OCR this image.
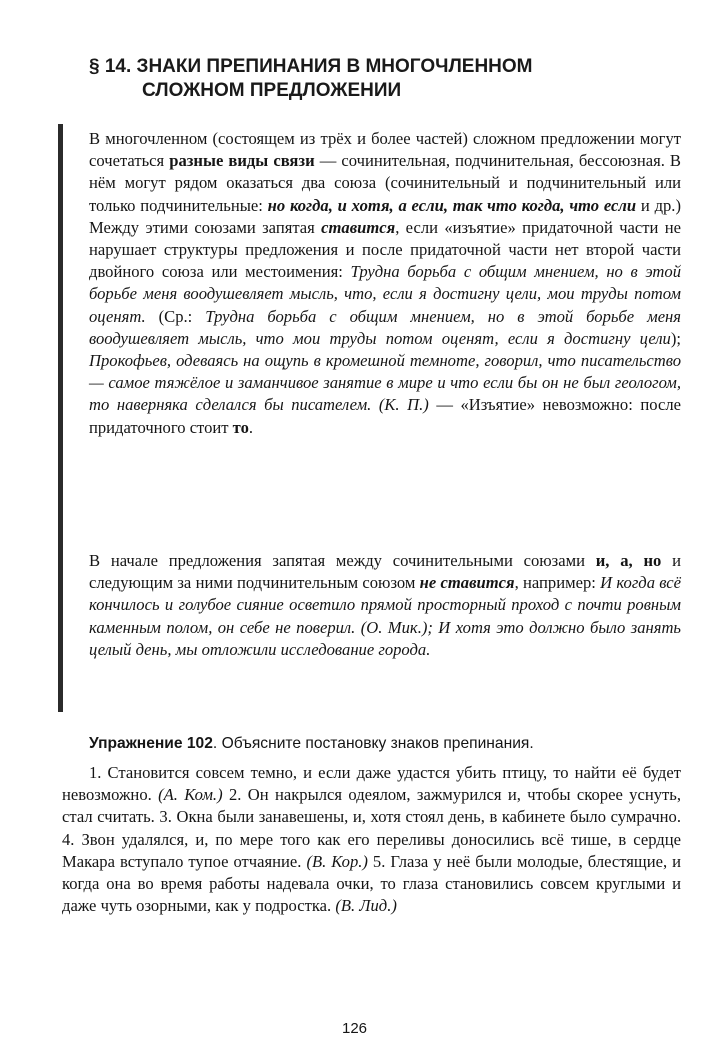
§ 14. ЗНАКИ ПРЕПИНАНИЯ В МНОГОЧЛЕННОМ
СЛОЖНОМ ПРЕДЛОЖЕНИИ

В многочленном (состоящем из трёх и более частей) сложном предложении могут сочетаться разные виды связи — сочинительная, подчинительная, бессоюзная. В нём могут рядом оказаться два союза (сочинительный и подчинительный или только подчинительные: но когда, и хотя, а если, так что когда, что если и др.) Между этими союзами запятая ставится, если «изъятие» придаточной части не нарушает структуры предложения и после придаточной части нет второй части двойного союза или местоимения: Трудна борьба с общим мнением, но в этой борьбе меня воодушевляет мысль, что, если я достигну цели, мои труды потом оценят. (Ср.: Трудна борьба с общим мнением, но в этой борьбе меня воодушевляет мысль, что мои труды потом оценят, если я достигну цели); Прокофьев, одеваясь на ощупь в кромешной темноте, говорил, что писательство — самое тяжёлое и заманчивое занятие в мире и что если бы он не был геологом, то наверняка сделался бы писателем. (К. П.) — «Изъятие» невозможно: после придаточного стоит то.

В начале предложения запятая между сочинительными союзами и, а, но и следующим за ними подчинительным союзом не ставится, например: И когда всё кончилось и голубое сияние осветило прямой просторный проход с почти ровным каменным полом, он себе не поверил. (О. Мик.); И хотя это должно было занять целый день, мы отложили исследование города.

Упражнение 102. Объясните постановку знаков препинания.

1. Становится совсем темно, и если даже удастся убить птицу, то найти её будет невозможно. (А. Ком.) 2. Он накрылся одеялом, зажмурился и, чтобы скорее уснуть, стал считать. 3. Окна были занавешены, и, хотя стоял день, в кабинете было сумрачно. 4. Звон удалялся, и, по мере того как его переливы доносились всё тише, в сердце Макара вступало тупое отчаяние. (В. Кор.) 5. Глаза у неё были молодые, блестящие, и когда она во время работы надевала очки, то глаза становились совсем круглыми и даже чуть озорными, как у подростка. (В. Лид.)

126
